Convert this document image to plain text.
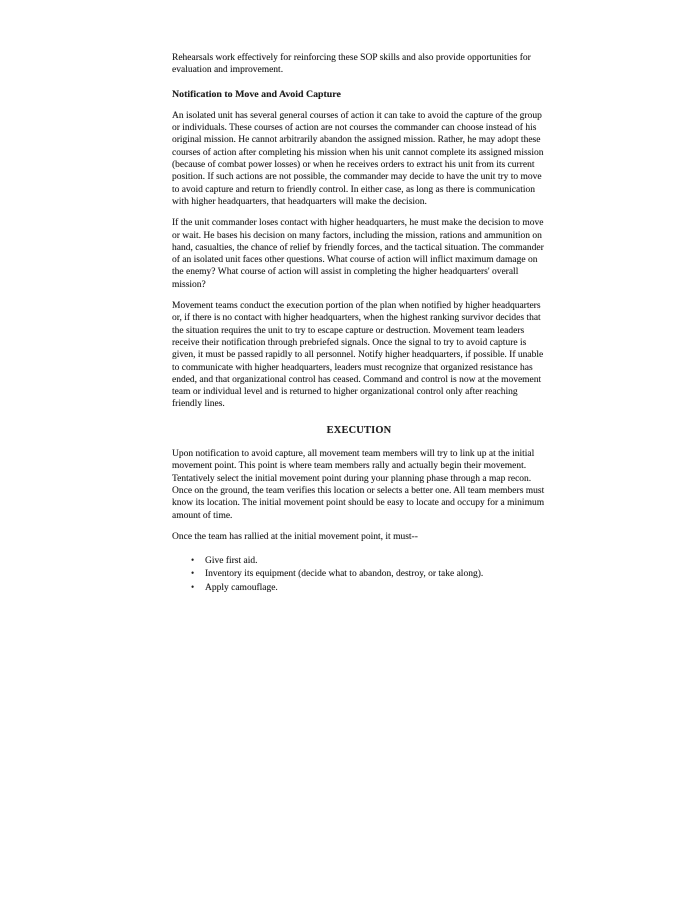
Rehearsals work effectively for reinforcing these SOP skills and also provide opportunities for evaluation and improvement.

Notification to Move and Avoid Capture

An isolated unit has several general courses of action it can take to avoid the capture of the group or individuals. These courses of action are not courses the commander can choose instead of his original mission. He cannot arbitrarily abandon the assigned mission. Rather, he may adopt these courses of action after completing his mission when his unit cannot complete its assigned mission (because of combat power losses) or when he receives orders to extract his unit from its current position. If such actions are not possible, the commander may decide to have the unit try to move to avoid capture and return to friendly control. In either case, as long as there is communication with higher headquarters, that headquarters will make the decision.

If the unit commander loses contact with higher headquarters, he must make the decision to move or wait. He bases his decision on many factors, including the mission, rations and ammunition on hand, casualties, the chance of relief by friendly forces, and the tactical situation. The commander of an isolated unit faces other questions. What course of action will inflict maximum damage on the enemy? What course of action will assist in completing the higher headquarters' overall mission?

Movement teams conduct the execution portion of the plan when notified by higher headquarters or, if there is no contact with higher headquarters, when the highest ranking survivor decides that the situation requires the unit to try to escape capture or destruction. Movement team leaders receive their notification through prebriefed signals. Once the signal to try to avoid capture is given, it must be passed rapidly to all personnel. Notify higher headquarters, if possible. If unable to communicate with higher headquarters, leaders must recognize that organized resistance has ended, and that organizational control has ceased. Command and control is now at the movement team or individual level and is returned to higher organizational control only after reaching friendly lines.

EXECUTION

Upon notification to avoid capture, all movement team members will try to link up at the initial movement point. This point is where team members rally and actually begin their movement. Tentatively select the initial movement point during your planning phase through a map recon. Once on the ground, the team verifies this location or selects a better one. All team members must know its location. The initial movement point should be easy to locate and occupy for a minimum amount of time.

Once the team has rallied at the initial movement point, it must--

• Give first aid.
• Inventory its equipment (decide what to abandon, destroy, or take along).
• Apply camouflage.
